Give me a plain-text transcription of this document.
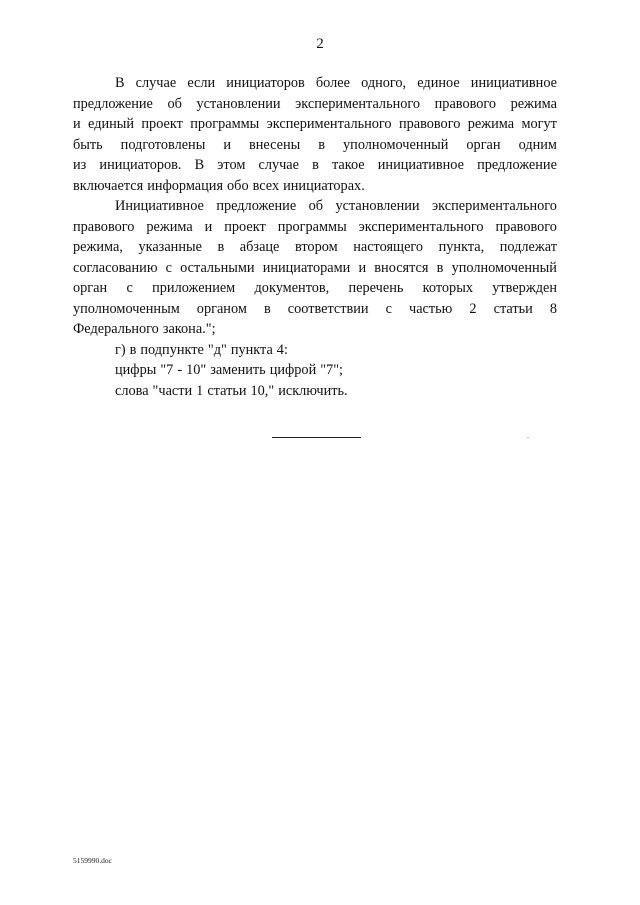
2
В случае если инициаторов более одного, единое инициативное
предложение об установлении экспериментального правового режима
и единый проект программы экспериментального правового режима могут
быть подготовлены и внесены в уполномоченный орган одним
из инициаторов. В этом случае в такое инициативное предложение
включается информация обо всех инициаторах.
Инициативное предложение об установлении экспериментального
правового режима и проект программы экспериментального правового
режима, указанные в абзаце втором настоящего пункта, подлежат
согласованию с остальными инициаторами и вносятся в уполномоченный
орган с приложением документов, перечень которых утвержден
уполномоченным органом в соответствии с частью 2 статьи 8
Федерального закона.";
г) в подпункте "д" пункта 4:
цифры "7 - 10" заменить цифрой "7";
слова "части 1 статьи 10," исключить.
5159990.doc
